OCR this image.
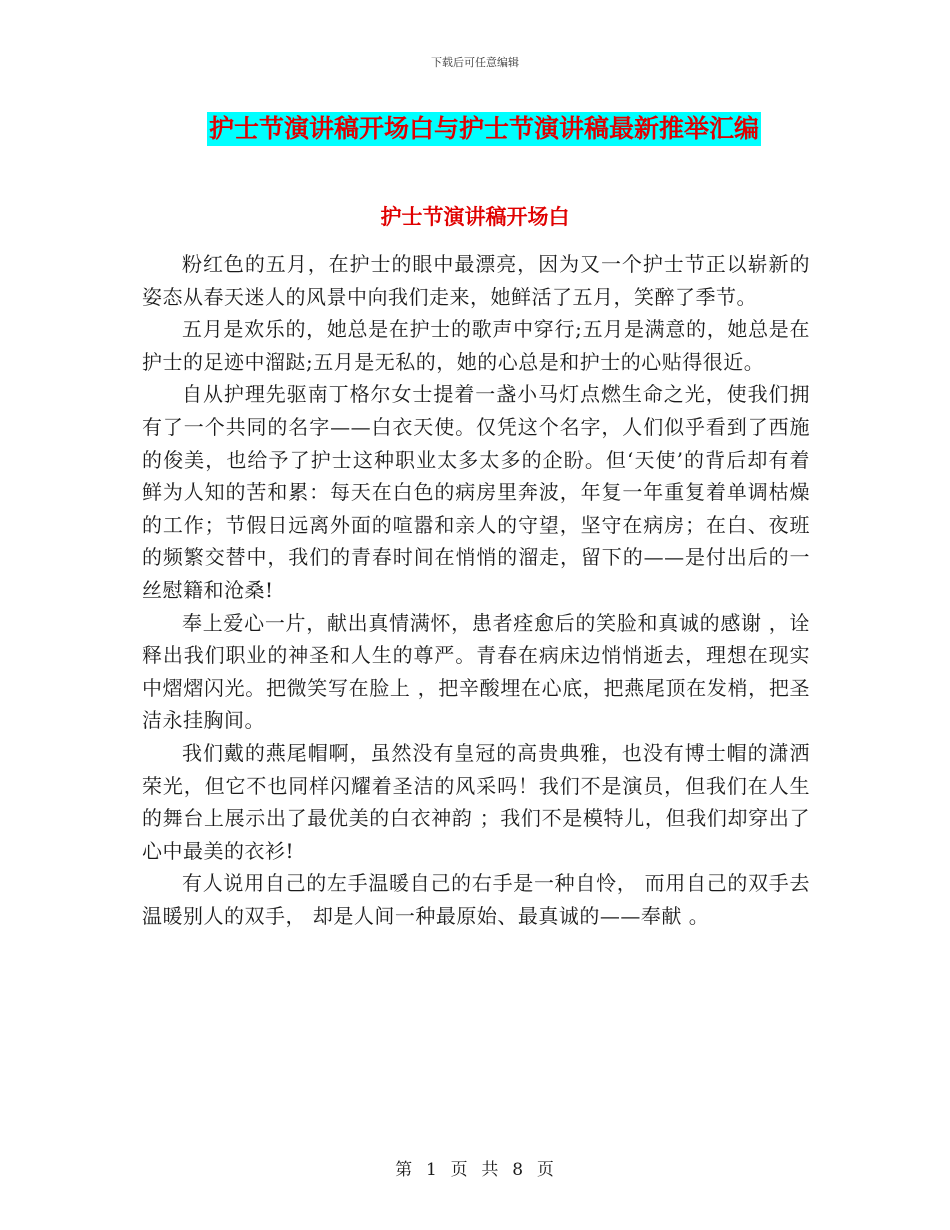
下载后可任意编辑
护士节演讲稿开场白与护士节演讲稿最新推举汇编
护士节演讲稿开场白

粉红色的五月，在护士的眼中最漂亮，因为又一个护士节正以崭新的姿态从春天迷人的风景中向我们走来，她鲜活了五月，笑醉了季节。

五月是欢乐的，她总是在护士的歌声中穿行;五月是满意的，她总是在护士的足迹中溜跶;五月是无私的，她的心总是和护士的心贴得很近。

自从护理先驱南丁格尔女士提着一盏小马灯点燃生命之光，使我们拥有了一个共同的名字——白衣天使。仅凭这个名字，人们似乎看到了西施的俊美，也给予了护士这种职业太多太多的企盼。但‘天使’的背后却有着鲜为人知的苦和累：每天在白色的病房里奔波，年复一年重复着单调枯燥的工作；节假日远离外面的喧嚣和亲人的守望，坚守在病房；在白、夜班的频繁交替中，我们的青春时间在悄悄的溜走，留下的——是付出后的一丝慰籍和沧桑!

奉上爱心一片，献出真情满怀，患者痊愈后的笑脸和真诚的感谢 ，诠释出我们职业的神圣和人生的尊严。青春在病床边悄悄逝去，理想在现实中熠熠闪光。把微笑写在脸上 ，把辛酸埋在心底，把燕尾顶在发梢，把圣洁永挂胸间。

我们戴的燕尾帽啊，虽然没有皇冠的高贵典雅，也没有博士帽的潇洒荣光，但它不也同样闪耀着圣洁的风采吗！我们不是演员，但我们在人生的舞台上展示出了最优美的白衣神韵 ；我们不是模特儿，但我们却穿出了心中最美的衣衫!

有人说用自己的左手温暖自己的右手是一种自怜， 而用自己的双手去温暖别人的双手， 却是人间一种最原始、最真诚的——奉献 。

第  1  页  共  8  页
